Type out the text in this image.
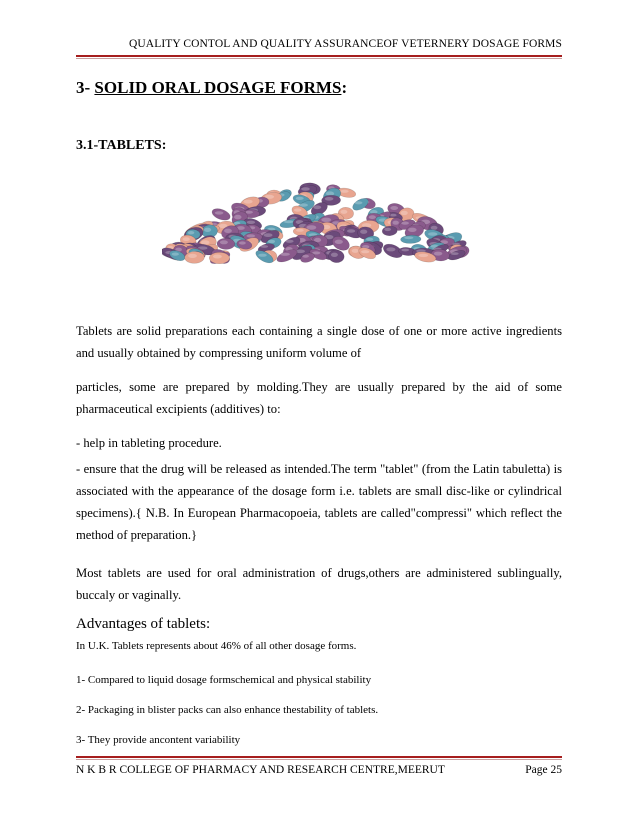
QUALITY CONTOL AND QUALITY ASSURANCEOF VETERNERY DOSAGE FORMS
3- SOLID ORAL DOSAGE FORMS:
3.1-TABLETS:

Tablets are solid preparations each containing a single dose of one or more active ingredients and usually obtained by compressing uniform volume of

particles, some are prepared by molding.They are usually prepared by the aid of some pharmaceutical excipients (additives) to:

- help in tableting procedure.

- ensure that the drug will be released as intended.The term "tablet" (from the Latin tabuletta) is associated with the appearance of the dosage form i.e. tablets are small disc-like or cylindrical specimens).{ N.B. In European Pharmacopoeia, tablets are called"compressi" which reflect the method of preparation.}

Most tablets are used for oral administration of drugs,others are administered sublingually, buccaly or vaginally.

Advantages of tablets:

In U.K. Tablets represents about 46% of all other dosage forms.

1- Compared to liquid dosage formschemical and physical stability

2- Packaging in blister packs can also enhance thestability of tablets.

3- They provide ancontent variability

N K B R COLLEGE OF PHARMACY AND RESEARCH CENTRE,MEERUT	Page 25
